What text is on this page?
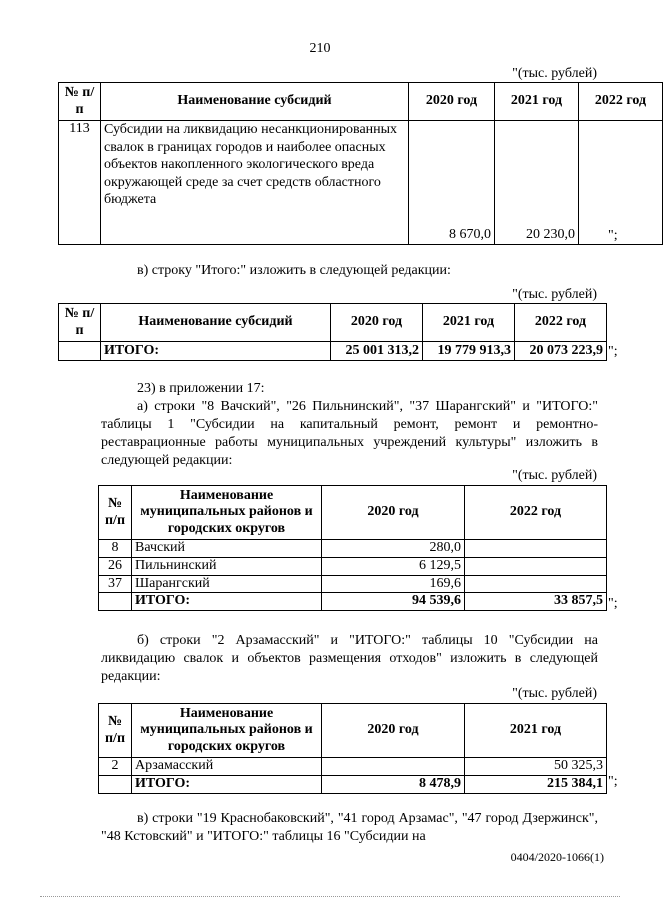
210
"(тыс. рублей)
№ п/п	Наименование субсидий	2020 год	2021 год	2022 год
113	Субсидии на ликвидацию несанкционированных свалок в границах городов и наиболее опасных объектов накопленного экологического вреда окружающей среде за счет средств областного бюджета	8 670,0	20 230,0	";
в) строку "Итого:" изложить в следующей редакции:
"(тыс. рублей)
№ п/п	Наименование субсидий	2020 год	2021 год	2022 год
	ИТОГО:	25 001 313,2	19 779 913,3	20 073 223,9 ";
23) в приложении 17:
а) строки "8 Вачский", "26 Пильнинский", "37 Шарангский" и "ИТОГО:" таблицы 1 "Субсидии на капитальный ремонт, ремонт и ремонтно-реставрационные работы муниципальных учреждений культуры" изложить в следующей редакции:
"(тыс. рублей)
№ п/п	Наименование муниципальных районов и городских округов	2020 год	2022 год
8	Вачский	280,0	
26	Пильнинский	6 129,5	
37	Шарангский	169,6	
	ИТОГО:	94 539,6	33 857,5 ";
б) строки "2 Арзамасский" и "ИТОГО:" таблицы 10 "Субсидии на ликвидацию свалок и объектов размещения отходов" изложить в следующей редакции:
"(тыс. рублей)
№ п/п	Наименование муниципальных районов и городских округов	2020 год	2021 год
2	Арзамасский		50 325,3
	ИТОГО:	8 478,9	215 384,1 ";
в) строки "19 Краснобаковский", "41 город Арзамас", "47 город Дзержинск", "48 Кстовский" и "ИТОГО:" таблицы 16 "Субсидии на
0404/2020-1066(1)
